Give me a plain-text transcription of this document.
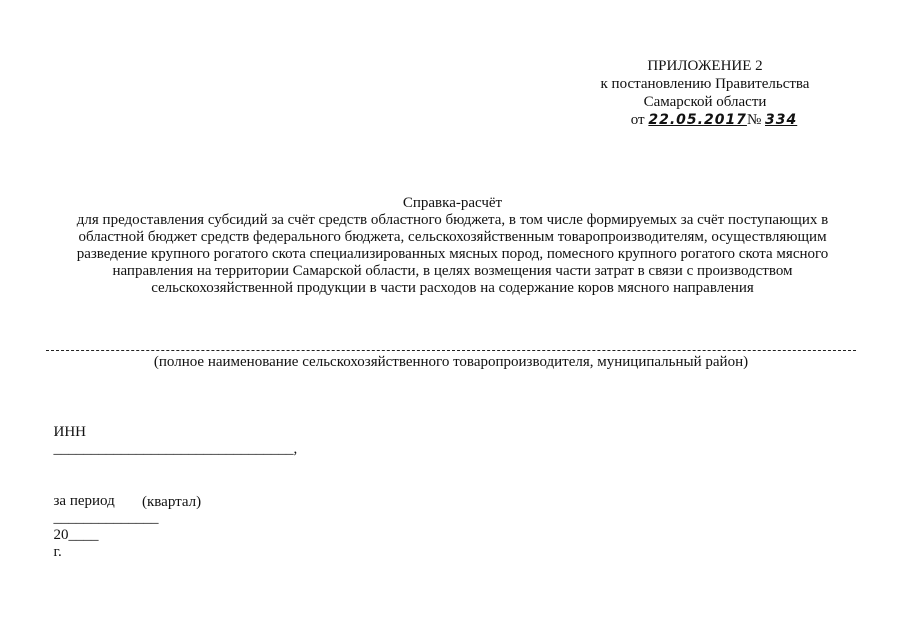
ПРИЛОЖЕНИЕ 2
к постановлению Правительства
Самарской области
от 22.05.2017№ 334
Справка-расчёт
для предоставления субсидий за счёт средств областного бюджета, в том числе формируемых за счёт поступающих в
областной бюджет средств федерального бюджета, сельскохозяйственным товаропроизводителям, осуществляющим
разведение крупного рогатого скота специализированных мясных пород, помесного крупного рогатого скота мясного
направления на территории Самарской области, в целях возмещения части затрат в связи с производством
сельскохозяйственной продукции в части расходов на содержание коров мясного направления
(полное наименование сельскохозяйственного товаропроизводителя, муниципальный район)

ИНН
________________________________,

за период
______________
20____
г.

(квартал)
